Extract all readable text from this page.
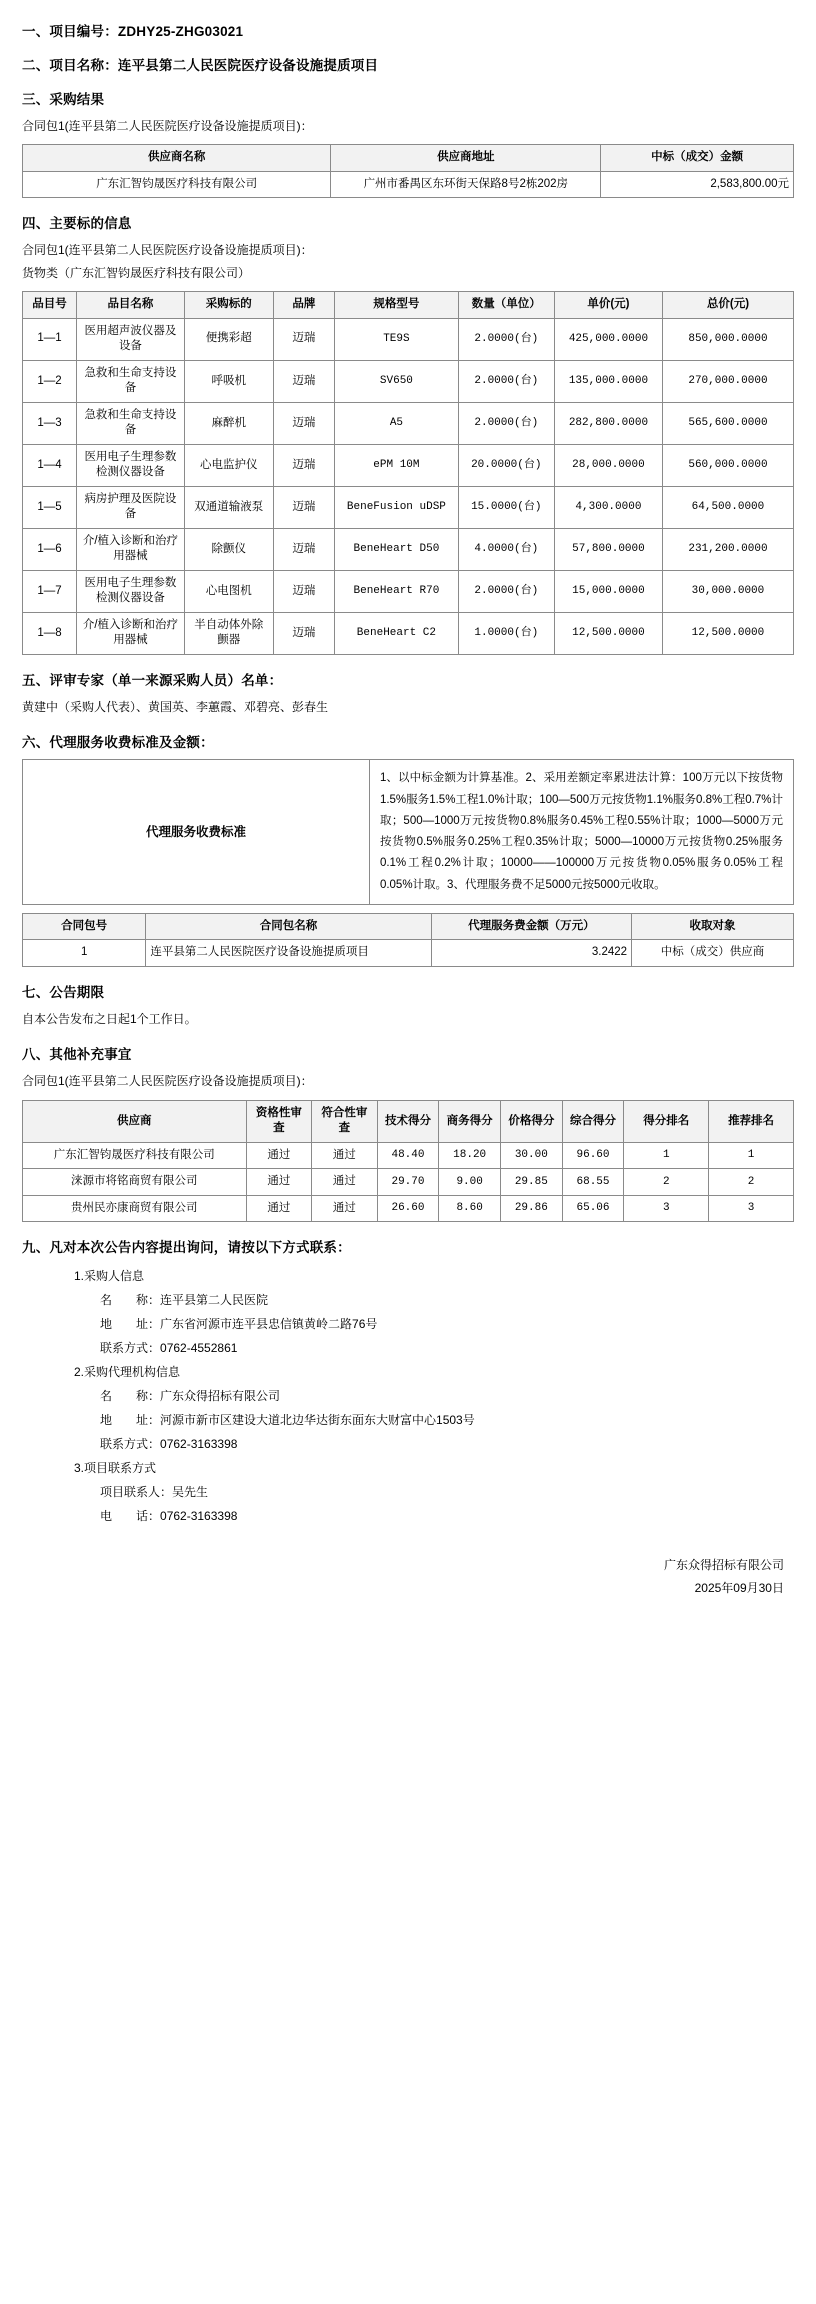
一、项目编号：ZDHY25-ZHG03021
二、项目名称：连平县第二人民医院医疗设备设施提质项目
三、采购结果
合同包1(连平县第二人民医院医疗设备设施提质项目)：
供应商名称	供应商地址	中标（成交）金额
广东汇智钧晟医疗科技有限公司	广州市番禺区东环街天保路8号2栋202房	2,583,800.00元
四、主要标的信息
合同包1(连平县第二人民医院医疗设备设施提质项目)：
货物类（广东汇智钧晟医疗科技有限公司）
品目号	品目名称	采购标的	品牌	规格型号	数量（单位）	单价(元)	总价(元)
1—1	医用超声波仪器及设备	便携彩超	迈瑞	TE9S	2.0000(台)	425,000.0000	850,000.0000
1—2	急救和生命支持设备	呼吸机	迈瑞	SV650	2.0000(台)	135,000.0000	270,000.0000
1—3	急救和生命支持设备	麻醉机	迈瑞	A5	2.0000(台)	282,800.0000	565,600.0000
1—4	医用电子生理参数检测仪器设备	心电监护仪	迈瑞	ePM 10M	20.0000(台)	28,000.0000	560,000.0000
1—5	病房护理及医院设备	双通道输液泵	迈瑞	BeneFusion uDSP	15.0000(台)	4,300.0000	64,500.0000
1—6	介/植入诊断和治疗用器械	除颤仪	迈瑞	BeneHeart D50	4.0000(台)	57,800.0000	231,200.0000
1—7	医用电子生理参数检测仪器设备	心电图机	迈瑞	BeneHeart R70	2.0000(台)	15,000.0000	30,000.0000
1—8	介/植入诊断和治疗用器械	半自动体外除颤器	迈瑞	BeneHeart C2	1.0000(台)	12,500.0000	12,500.0000
五、评审专家（单一来源采购人员）名单：
黄建中（采购人代表）、黄国英、李蕙霞、邓碧亮、彭春生
六、代理服务收费标准及金额：
代理服务收费标准	1、以中标金额为计算基准。2、采用差额定率累进法计算：100万元以下按货物1.5%服务1.5%工程1.0%计取；100—500万元按货物1.1%服务0.8%工程0.7%计取；500—1000万元按货物0.8%服务0.45%工程0.55%计取；1000—5000万元按货物0.5%服务0.25%工程0.35%计取；5000—10000万元按货物0.25%服务0.1%工程0.2%计取；10000——100000万元按货物0.05%服务0.05%工程0.05%计取。3、代理服务费不足5000元按5000元收取。
合同包号	合同包名称	代理服务费金额（万元）	收取对象
1	连平县第二人民医院医疗设备设施提质项目	3.2422	中标（成交）供应商
七、公告期限
自本公告发布之日起1个工作日。
八、其他补充事宜
合同包1(连平县第二人民医院医疗设备设施提质项目)：
供应商	资格性审查	符合性审查	技术得分	商务得分	价格得分	综合得分	得分排名	推荐排名
广东汇智钧晟医疗科技有限公司	通过	通过	48.40	18.20	30.00	96.60	1	1
涞源市将铭商贸有限公司	通过	通过	29.70	9.00	29.85	68.55	2	2
贵州民亦康商贸有限公司	通过	通过	26.60	8.60	29.86	65.06	3	3
九、凡对本次公告内容提出询问，请按以下方式联系：
1.采购人信息
名　　称：连平县第二人民医院
地　　址：广东省河源市连平县忠信镇黄岭二路76号
联系方式：0762-4552861
2.采购代理机构信息
名　　称：广东众得招标有限公司
地　　址：河源市新市区建设大道北边华达街东面东大财富中心1503号
联系方式：0762-3163398
3.项目联系方式
项目联系人：吴先生
电　　话：0762-3163398
广东众得招标有限公司
2025年09月30日
